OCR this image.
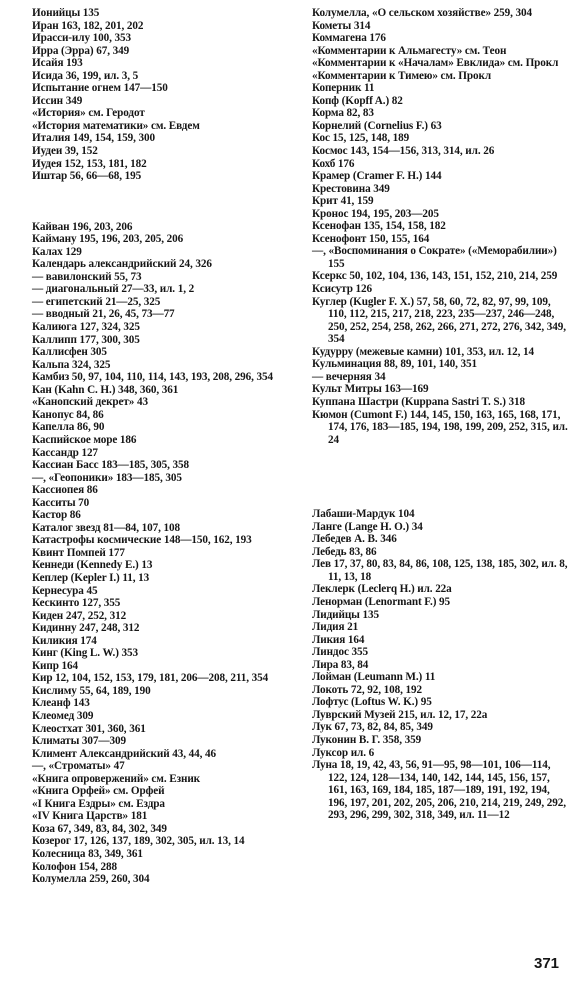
Ионийцы 135
Иран 163, 182, 201, 202
Ирасси-илу 100, 353
Ирра (Эрра) 67, 349
Исайя 193
Исида 36, 199, ил. 3, 5
Испытание огнем 147—150
Иссин 349
«История» см. Геродот
«История математики» см. Евдем
Италия 149, 154, 159, 300
Иудеи 39, 152
Иудея 152, 153, 181, 182
Иштар 56, 66—68, 195
Кайван 196, 203, 206
Кайману 195, 196, 203, 205, 206
Калах 129
Календарь александрийский 24, 326
— вавилонский 55, 73
— диагональный 27—33, ил. 1, 2
— египетский 21—25, 325
— вводный 21, 26, 45, 73—77
Калиюга 127, 324, 325
Каллипп 177, 300, 305
Каллисфен 305
Кальпа 324, 325
Камбиз 50, 97, 104, 110, 114, 143, 193, 208, 296, 354
Кан (Kahn C. H.) 348, 360, 361
«Канопский декрет» 43
Канопус 84, 86
Капелла 86, 90
Каспийское море 186
Кассандр 127
Кассиан Басс 183—185, 305, 358
—, «Геопоники» 183—185, 305
Кассиопея 86
Касситы 70
Кастор 86
Каталог звезд 81—84, 107, 108
Катастрофы космические 148—150, 162, 193
Квинт Помпей 177
Кеннеди (Kennedy E.) 13
Кеплер (Kepler I.) 11, 13
Кернесура 45
Кескинто 127, 355
Киден 247, 252, 312
Кидинну 247, 248, 312
Киликия 174
Кинг (King L. W.) 353
Кипр 164
Кир 12, 104, 152, 153, 179, 181, 206—208, 211, 354
Кислиму 55, 64, 189, 190
Клеанф 143
Клеомед 309
Клеостхат 301, 360, 361
Климаты 307—309
Климент Александрийский 43, 44, 46
—, «Строматы» 47
«Книга опровержений» см. Езник
«Книга Орфей» см. Орфей
«I Книга Ездры» см. Ездра
«IV Книга Царств» 181
Коза 67, 349, 83, 84, 302, 349
Козерог 17, 126, 137, 189, 302, 305, ил. 13, 14
Колесница 83, 349, 361
Колофон 154, 288
Колумелла 259, 260, 304
Колумелла, «О сельском хозяйстве» 259, 304
Кометы 314
Коммагена 176
«Комментарии к Альмагесту» см. Теон
«Комментарии к «Началам» Евклида» см. Прокл
«Комментарии к Тимею» см. Прокл
Коперник 11
Копф (Kopff A.) 82
Корма 82, 83
Корнелий (Cornelius F.) 63
Кос 15, 125, 148, 189
Космос 143, 154—156, 313, 314, ил. 26
Кохб 176
Крамер (Cramer F. H.) 144
Крестовина 349
Крит 41, 159
Кронос 194, 195, 203—205
Ксенофан 135, 154, 158, 182
Ксенофонт 150, 155, 164
—, «Воспоминания о Сократе» («Меморабилии») 155
Ксеркс 50, 102, 104, 136, 143, 151, 152, 210, 214, 259
Ксисутр 126
Куглер (Kugler F. X.) 57, 58, 60, 72, 82, 97, 99, 109, 110, 112, 215, 217, 218, 223, 235—237, 246—248, 250, 252, 254, 258, 262, 266, 271, 272, 276, 342, 349, 354
Кудурру (межевые камни) 101, 353, ил. 12, 14
Кульминация 88, 89, 101, 140, 351
— вечерняя 34
Культ Митры 163—169
Куппана Шастри (Kuppana Sastri T. S.) 318
Кюмон (Cumont F.) 144, 145, 150, 163, 165, 168, 171, 174, 176, 183—185, 194, 198, 199, 209, 252, 315, ил. 24
Лабаши-Мардук 104
Ланге (Lange H. O.) 34
Лебедев А. В. 346
Лебедь 83, 86
Лев 17, 37, 80, 83, 84, 86, 108, 125, 138, 185, 302, ил. 8, 11, 13, 18
Леклерк (Leclerq H.) ил. 22а
Ленорман (Lenormant F.) 95
Лидийцы 135
Лидия 21
Ликия 164
Линдос 355
Лира 83, 84
Лойман (Leumann M.) 11
Локоть 72, 92, 108, 192
Лофтус (Loftus W. K.) 95
Луврский Музей 215, ил. 12, 17, 22а
Лук 67, 73, 82, 84, 85, 349
Луконин В. Г. 358, 359
Луксор ил. 6
Луна 18, 19, 42, 43, 56, 91—95, 98—101, 106—114, 122, 124, 128—134, 140, 142, 144, 145, 156, 157, 161, 163, 169, 184, 185, 187—189, 191, 192, 194, 196, 197, 201, 202, 205, 206, 210, 214, 219, 249, 292, 293, 296, 299, 302, 318, 349, ил. 11—12
371
